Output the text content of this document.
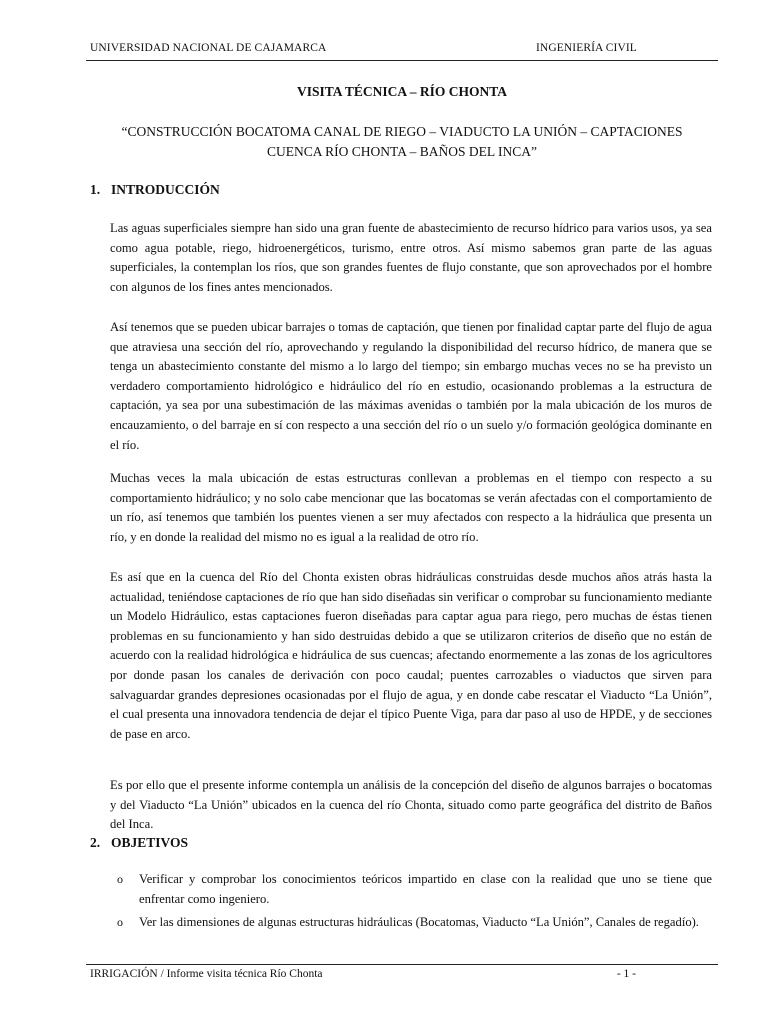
UNIVERSIDAD NACIONAL DE CAJAMARCA	INGENIERÍA CIVIL
VISITA TÉCNICA – RÍO CHONTA
“CONSTRUCCIÓN BOCATOMA CANAL DE RIEGO – VIADUCTO LA UNIÓN – CAPTACIONES CUENCA RÍO CHONTA – BAÑOS DEL INCA”
1. INTRODUCCIÓN
Las aguas superficiales siempre han sido una gran fuente de abastecimiento de recurso hídrico para varios usos, ya sea como agua potable, riego, hidroenergéticos, turismo, entre otros. Así mismo sabemos gran parte de las aguas superficiales, la contemplan los ríos, que son grandes fuentes de flujo constante, que son aprovechados por el hombre con algunos de los fines antes mencionados.
Así tenemos que se pueden ubicar barrajes o tomas de captación, que tienen por finalidad captar parte del flujo de agua que atraviesa una sección del río, aprovechando y regulando la disponibilidad del recurso hídrico, de manera que se tenga un abastecimiento constante del mismo a lo largo del tiempo; sin embargo muchas veces no se ha previsto un verdadero comportamiento hidrológico e hidráulico del río en estudio, ocasionando problemas a la estructura de captación, ya sea por una subestimación de las máximas avenidas o también por la mala ubicación de los muros de encauzamiento, o del barraje en sí con respecto a una sección del río o un suelo y/o formación geológica dominante en el río.
Muchas veces la mala ubicación de estas estructuras conllevan a problemas en el tiempo con respecto a su comportamiento hidráulico; y no solo cabe mencionar que las bocatomas se verán afectadas con el comportamiento de un río, así tenemos que también los puentes vienen a ser muy afectados con respecto a la hidráulica que presenta un río, y en donde la realidad del mismo no es igual a la realidad de otro río.
Es así que en la cuenca del Río del Chonta existen obras hidráulicas construidas desde muchos años atrás hasta la actualidad, teniéndose captaciones de río que han sido diseñadas sin verificar o comprobar su funcionamiento mediante un Modelo Hidráulico, estas captaciones fueron diseñadas para captar agua para riego, pero muchas de éstas tienen problemas en su funcionamiento y han sido destruidas debido a que se utilizaron criterios de diseño que no están de acuerdo con la realidad hidrológica e hidráulica de sus cuencas; afectando enormemente a las zonas de los agricultores por donde pasan los canales de derivación con poco caudal; puentes carrozables o viaductos que sirven para salvaguardar grandes depresiones ocasionadas por el flujo de agua, y en donde cabe rescatar el Viaducto “La Unión”, el cual presenta una innovadora tendencia de dejar el típico Puente Viga, para dar paso al uso de HPDE, y de secciones de pase en arco.
Es por ello que el presente informe contempla un análisis de la concepción del diseño de algunos barrajes o bocatomas y del Viaducto “La Unión” ubicados en la cuenca del río Chonta, situado como parte geográfica del distrito de Baños del Inca.
2. OBJETIVOS
o Verificar y comprobar los conocimientos teóricos impartido en clase con la realidad que uno se tiene que enfrentar como ingeniero.
o Ver las dimensiones de algunas estructuras hidráulicas (Bocatomas, Viaducto “La Unión”, Canales de regadío).
IRRIGACIÓN / Informe visita técnica Río Chonta	- 1 -
